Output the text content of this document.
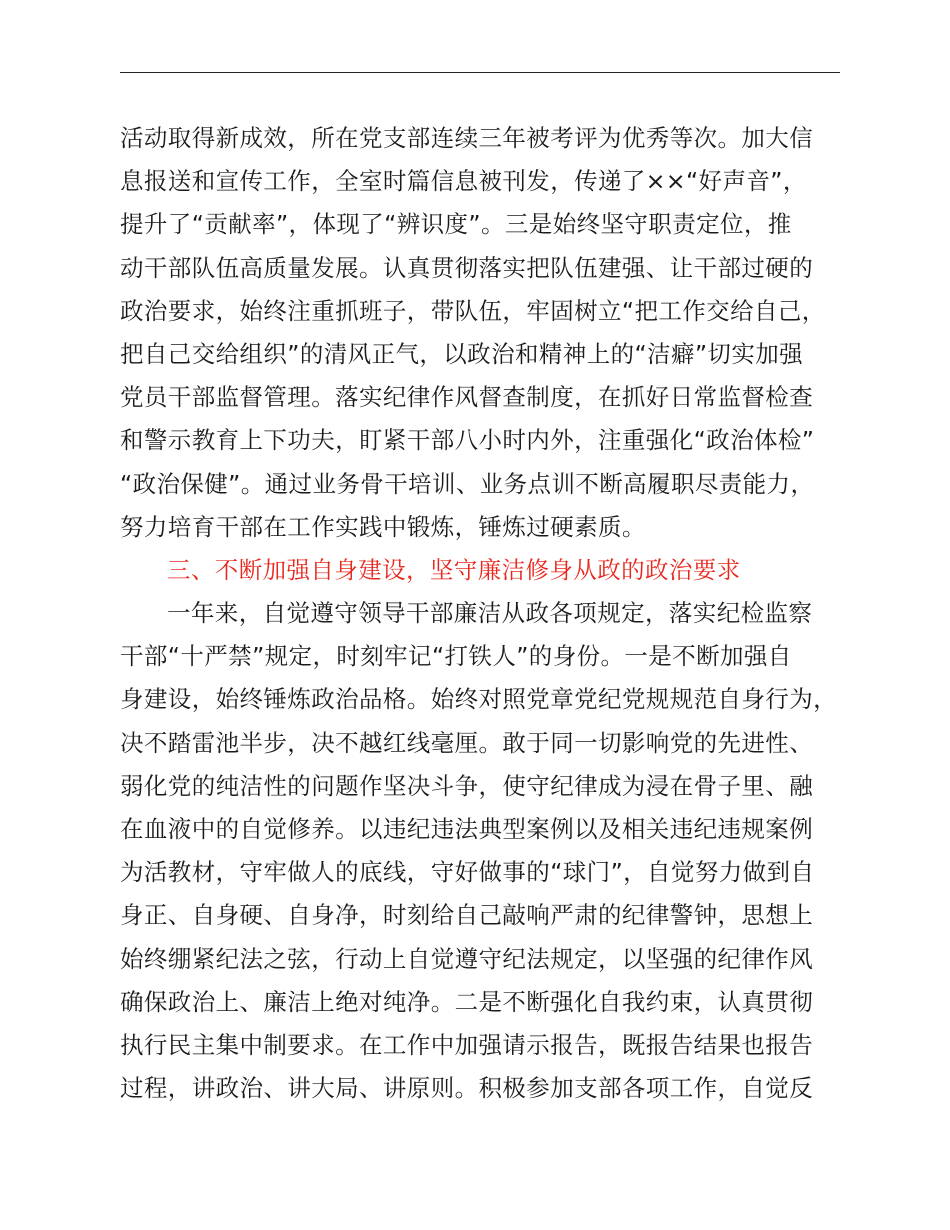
活动取得新成效，所在党支部连续三年被考评为优秀等次。加大信
息报送和宣传工作，全室时篇信息被刊发，传递了××“好声音”，
提升了“贡献率”，体现了“辨识度”。三是始终坚守职责定位，推
动干部队伍高质量发展。认真贯彻落实把队伍建强、让干部过硬的
政治要求，始终注重抓班子，带队伍，牢固树立“把工作交给自己，
把自己交给组织”的清风正气，以政治和精神上的“洁癖”切实加强
党员干部监督管理。落实纪律作风督查制度，在抓好日常监督检查
和警示教育上下功夫，盯紧干部八小时内外，注重强化“政治体检”
“政治保健”。通过业务骨干培训、业务点训不断高履职尽责能力，
努力培育干部在工作实践中锻炼，锤炼过硬素质。
三、不断加强自身建设，坚守廉洁修身从政的政治要求
一年来，自觉遵守领导干部廉洁从政各项规定，落实纪检监察
干部“十严禁”规定，时刻牢记“打铁人”的身份。一是不断加强自
身建设，始终锤炼政治品格。始终对照党章党纪党规规范自身行为，
决不踏雷池半步，决不越红线毫厘。敢于同一切影响党的先进性、
弱化党的纯洁性的问题作坚决斗争，使守纪律成为浸在骨子里、融
在血液中的自觉修养。以违纪违法典型案例以及相关违纪违规案例
为活教材，守牢做人的底线，守好做事的“球门”，自觉努力做到自
身正、自身硬、自身净，时刻给自己敲响严肃的纪律警钟，思想上
始终绷紧纪法之弦，行动上自觉遵守纪法规定，以坚强的纪律作风
确保政治上、廉洁上绝对纯净。二是不断强化自我约束，认真贯彻
执行民主集中制要求。在工作中加强请示报告，既报告结果也报告
过程，讲政治、讲大局、讲原则。积极参加支部各项工作，自觉反
